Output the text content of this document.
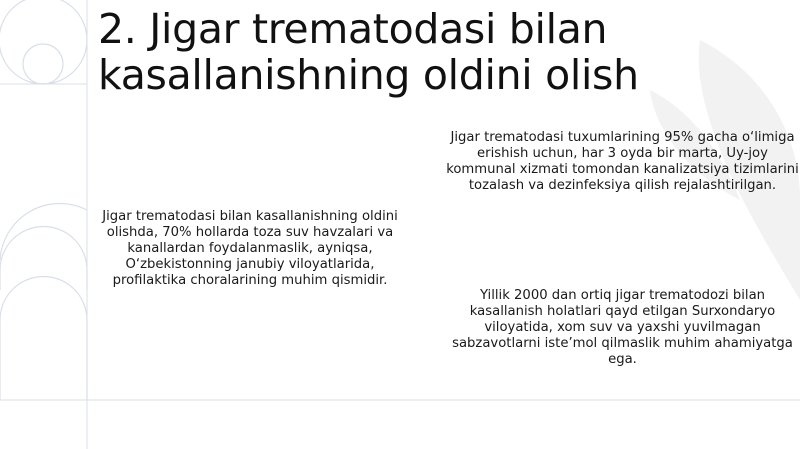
2. Jigar trematodasi bilan
kasallanishning oldini olish
Jigar trematodasi bilan kasallanishning oldini olishda, 70% hollarda toza suv havzalari va kanallardan foydalanmaslik, ayniqsa, O‘zbekistonning janubiy viloyatlarida, profilaktika choralarining muhim qismidir.
Jigar trematodasi tuxumlarining 95% gacha o‘limiga erishish uchun, har 3 oyda bir marta, Uy-joy kommunal xizmati tomondan kanalizatsiya tizimlarini tozalash va dezinfeksiya qilish rejalashtirilgan.
Yillik 2000 dan ortiq jigar trematodozi bilan kasallanish holatlari qayd etilgan Surxondaryo viloyatida, xom suv va yaxshi yuvilmagan sabzavotlarni iste’mol qilmaslik muhim ahamiyatga ega.
